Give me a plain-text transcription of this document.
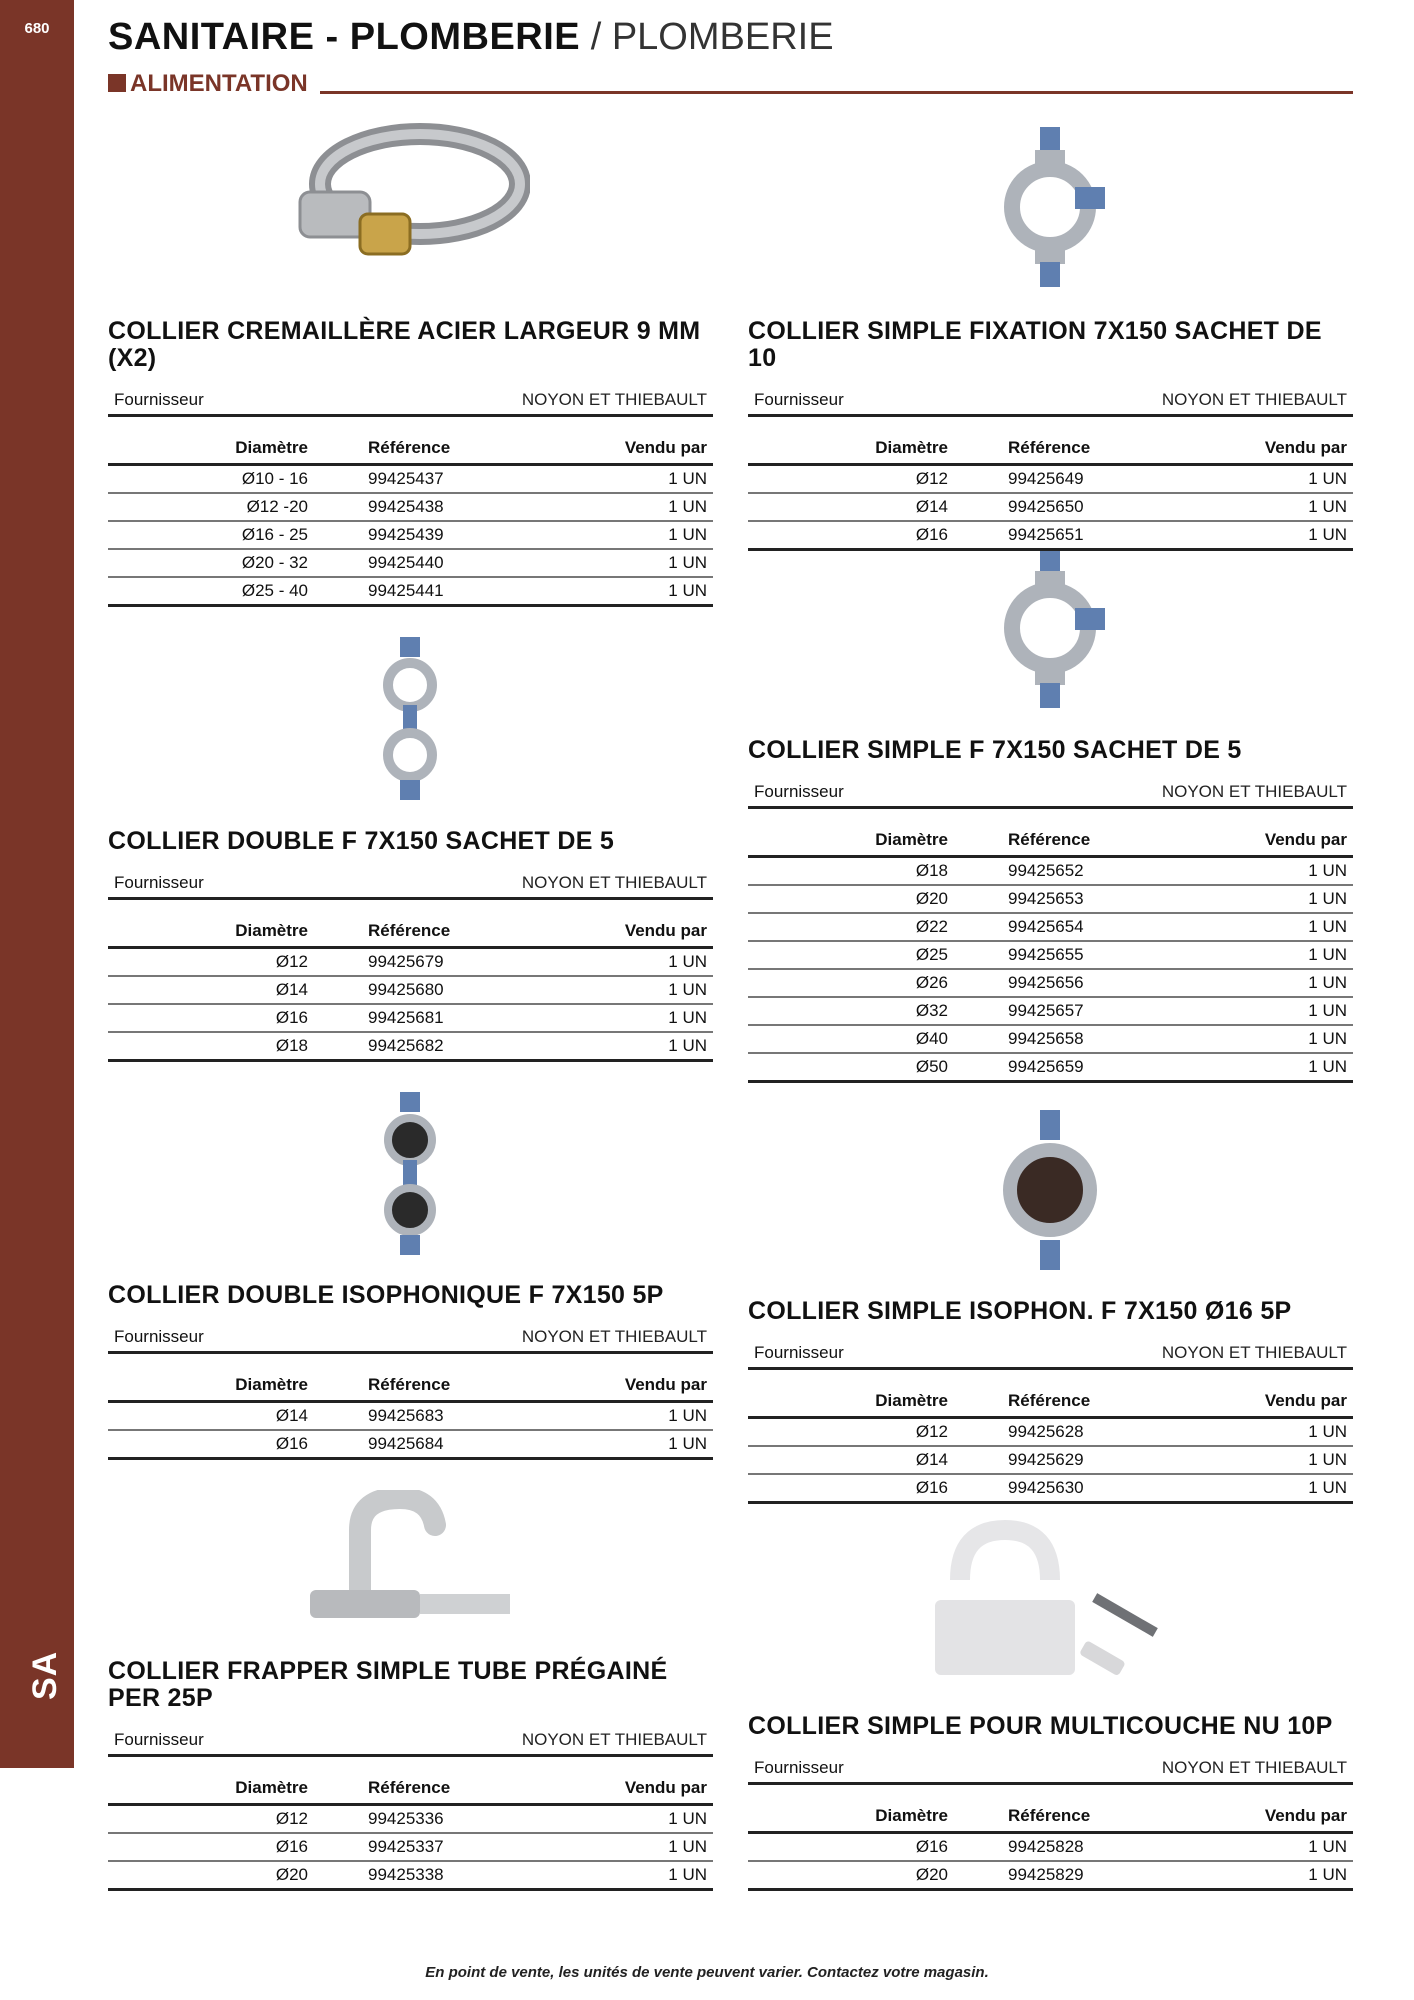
680
SA
SANITAIRE - PLOMBERIE / PLOMBERIE
ALIMENTATION
COLLIER CREMAILLÈRE ACIER LARGEUR 9 MM (X2)
Fournisseur	NOYON ET THIEBAULT
Diamètre	Référence	Vendu par
Ø10 - 16	99425437	1 UN
Ø12 -20	99425438	1 UN
Ø16 - 25	99425439	1 UN
Ø20 - 32	99425440	1 UN
Ø25 - 40	99425441	1 UN
COLLIER SIMPLE FIXATION 7X150 SACHET DE 10
Fournisseur	NOYON ET THIEBAULT
Diamètre	Référence	Vendu par
Ø12	99425649	1 UN
Ø14	99425650	1 UN
Ø16	99425651	1 UN
COLLIER DOUBLE F 7X150 SACHET DE 5
Fournisseur	NOYON ET THIEBAULT
Diamètre	Référence	Vendu par
Ø12	99425679	1 UN
Ø14	99425680	1 UN
Ø16	99425681	1 UN
Ø18	99425682	1 UN
COLLIER SIMPLE F 7X150 SACHET DE 5
Fournisseur	NOYON ET THIEBAULT
Diamètre	Référence	Vendu par
Ø18	99425652	1 UN
Ø20	99425653	1 UN
Ø22	99425654	1 UN
Ø25	99425655	1 UN
Ø26	99425656	1 UN
Ø32	99425657	1 UN
Ø40	99425658	1 UN
Ø50	99425659	1 UN
COLLIER DOUBLE ISOPHONIQUE F 7X150 5P
Fournisseur	NOYON ET THIEBAULT
Diamètre	Référence	Vendu par
Ø14	99425683	1 UN
Ø16	99425684	1 UN
COLLIER SIMPLE ISOPHON. F 7X150 Ø16 5P
Fournisseur	NOYON ET THIEBAULT
Diamètre	Référence	Vendu par
Ø12	99425628	1 UN
Ø14	99425629	1 UN
Ø16	99425630	1 UN
COLLIER FRAPPER SIMPLE TUBE PRÉGAINÉ PER 25P
Fournisseur	NOYON ET THIEBAULT
Diamètre	Référence	Vendu par
Ø12	99425336	1 UN
Ø16	99425337	1 UN
Ø20	99425338	1 UN
COLLIER SIMPLE POUR MULTICOUCHE NU 10P
Fournisseur	NOYON ET THIEBAULT
Diamètre	Référence	Vendu par
Ø16	99425828	1 UN
Ø20	99425829	1 UN
En point de vente, les unités de vente peuvent varier. Contactez votre magasin.
